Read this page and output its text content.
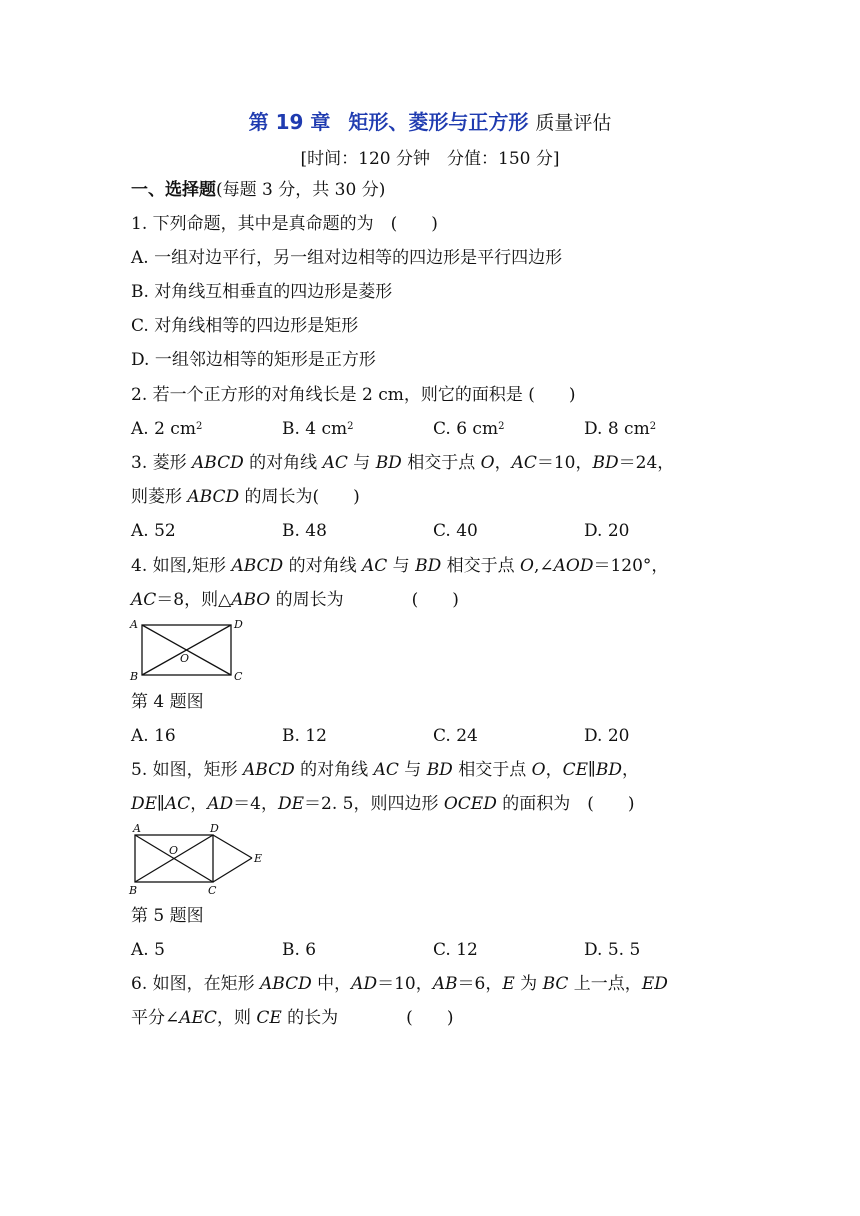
第 19 章 矩形、菱形与正方形 质量评估
[时间：120 分钟　分值：150 分]
一、选择题(每题 3 分，共 30 分)
1. 下列命题，其中是真命题的为　(　　)
A. 一组对边平行，另一组对边相等的四边形是平行四边形
B. 对角线互相垂直的四边形是菱形
C. 对角线相等的四边形是矩形
D. 一组邻边相等的矩形是正方形
2. 若一个正方形的对角线长是 2 cm，则它的面积是 (　　)
A. 2 $cm^2$	B. 4 $cm^2$	C. 6 $cm^2$	D. 8 $cm^2$
3. 菱形 ABCD 的对角线 AC 与 BD 相交于点 O，AC＝10，BD＝24，
则菱形 ABCD 的周长为(　　)
A. 52	B. 48	C. 40	D. 20
4. 如图,矩形 ABCD 的对角线 AC 与 BD 相交于点 O,∠AOD＝120°，
AC＝8，则△ABO 的周长为　　　　(　　)
A	D
B	C
O
第 4 题图
A. 16	B. 12	C. 24	D. 20
5. 如图，矩形 ABCD 的对角线 AC 与 BD 相交于点 O，CE∥BD，
DE∥AC，AD＝4，DE＝2. 5，则四边形 OCED 的面积为　(　　)
A	D
B	C
O
E
第 5 题图
A. 5	B. 6	C. 12	D. 5. 5
6. 如图，在矩形 ABCD 中，AD＝10，AB＝6，E 为 BC 上一点，ED
平分∠AEC，则 CE 的长为　　　　(　　)
